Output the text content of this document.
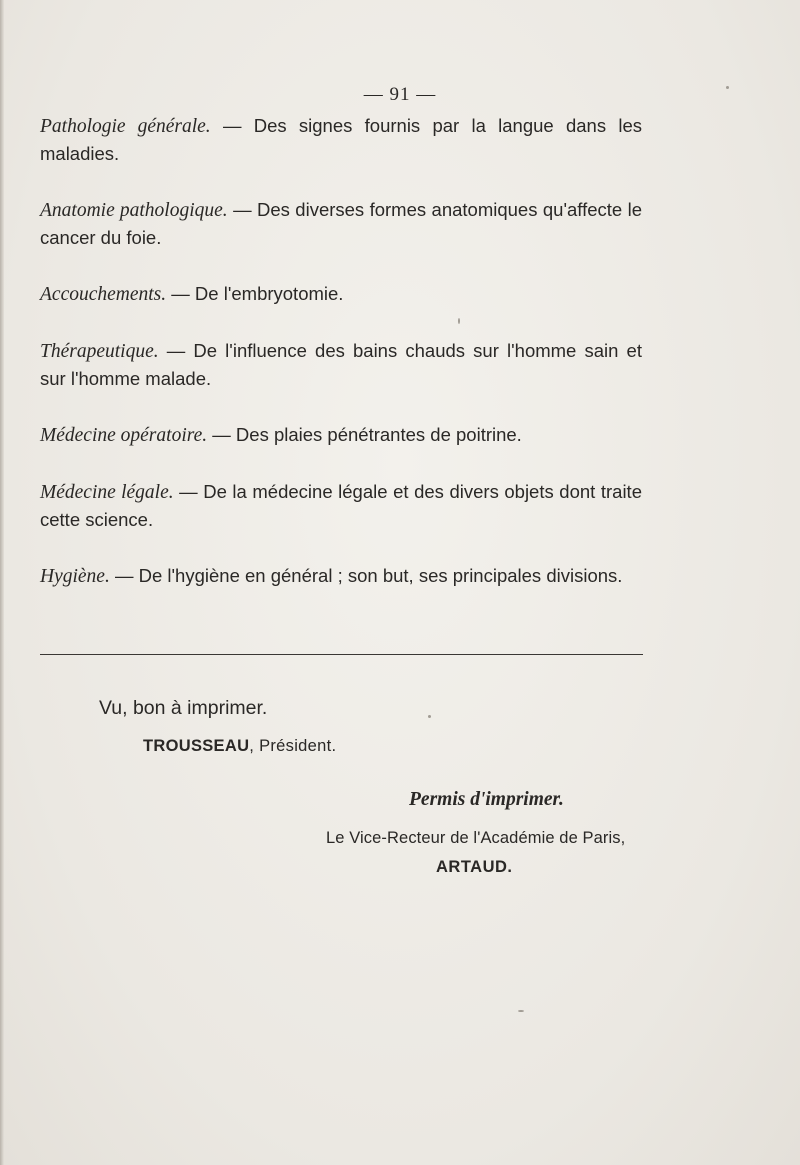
— 91 —

Pathologie générale. — Des signes fournis par la langue dans les maladies.

Anatomie pathologique. — Des diverses formes anatomiques qu'affecte le cancer du foie.

Accouchements. — De l'embryotomie.

Thérapeutique. — De l'influence des bains chauds sur l'homme sain et sur l'homme malade.

Médecine opératoire. — Des plaies pénétrantes de poitrine.

Médecine légale. — De la médecine légale et des divers objets dont traite cette science.

Hygiène. — De l'hygiène en général ; son but, ses principales divisions.

Vu, bon à imprimer.
TROUSSEAU, Président.
Permis d'imprimer.
Le Vice-Recteur de l'Académie de Paris,
ARTAUD.
